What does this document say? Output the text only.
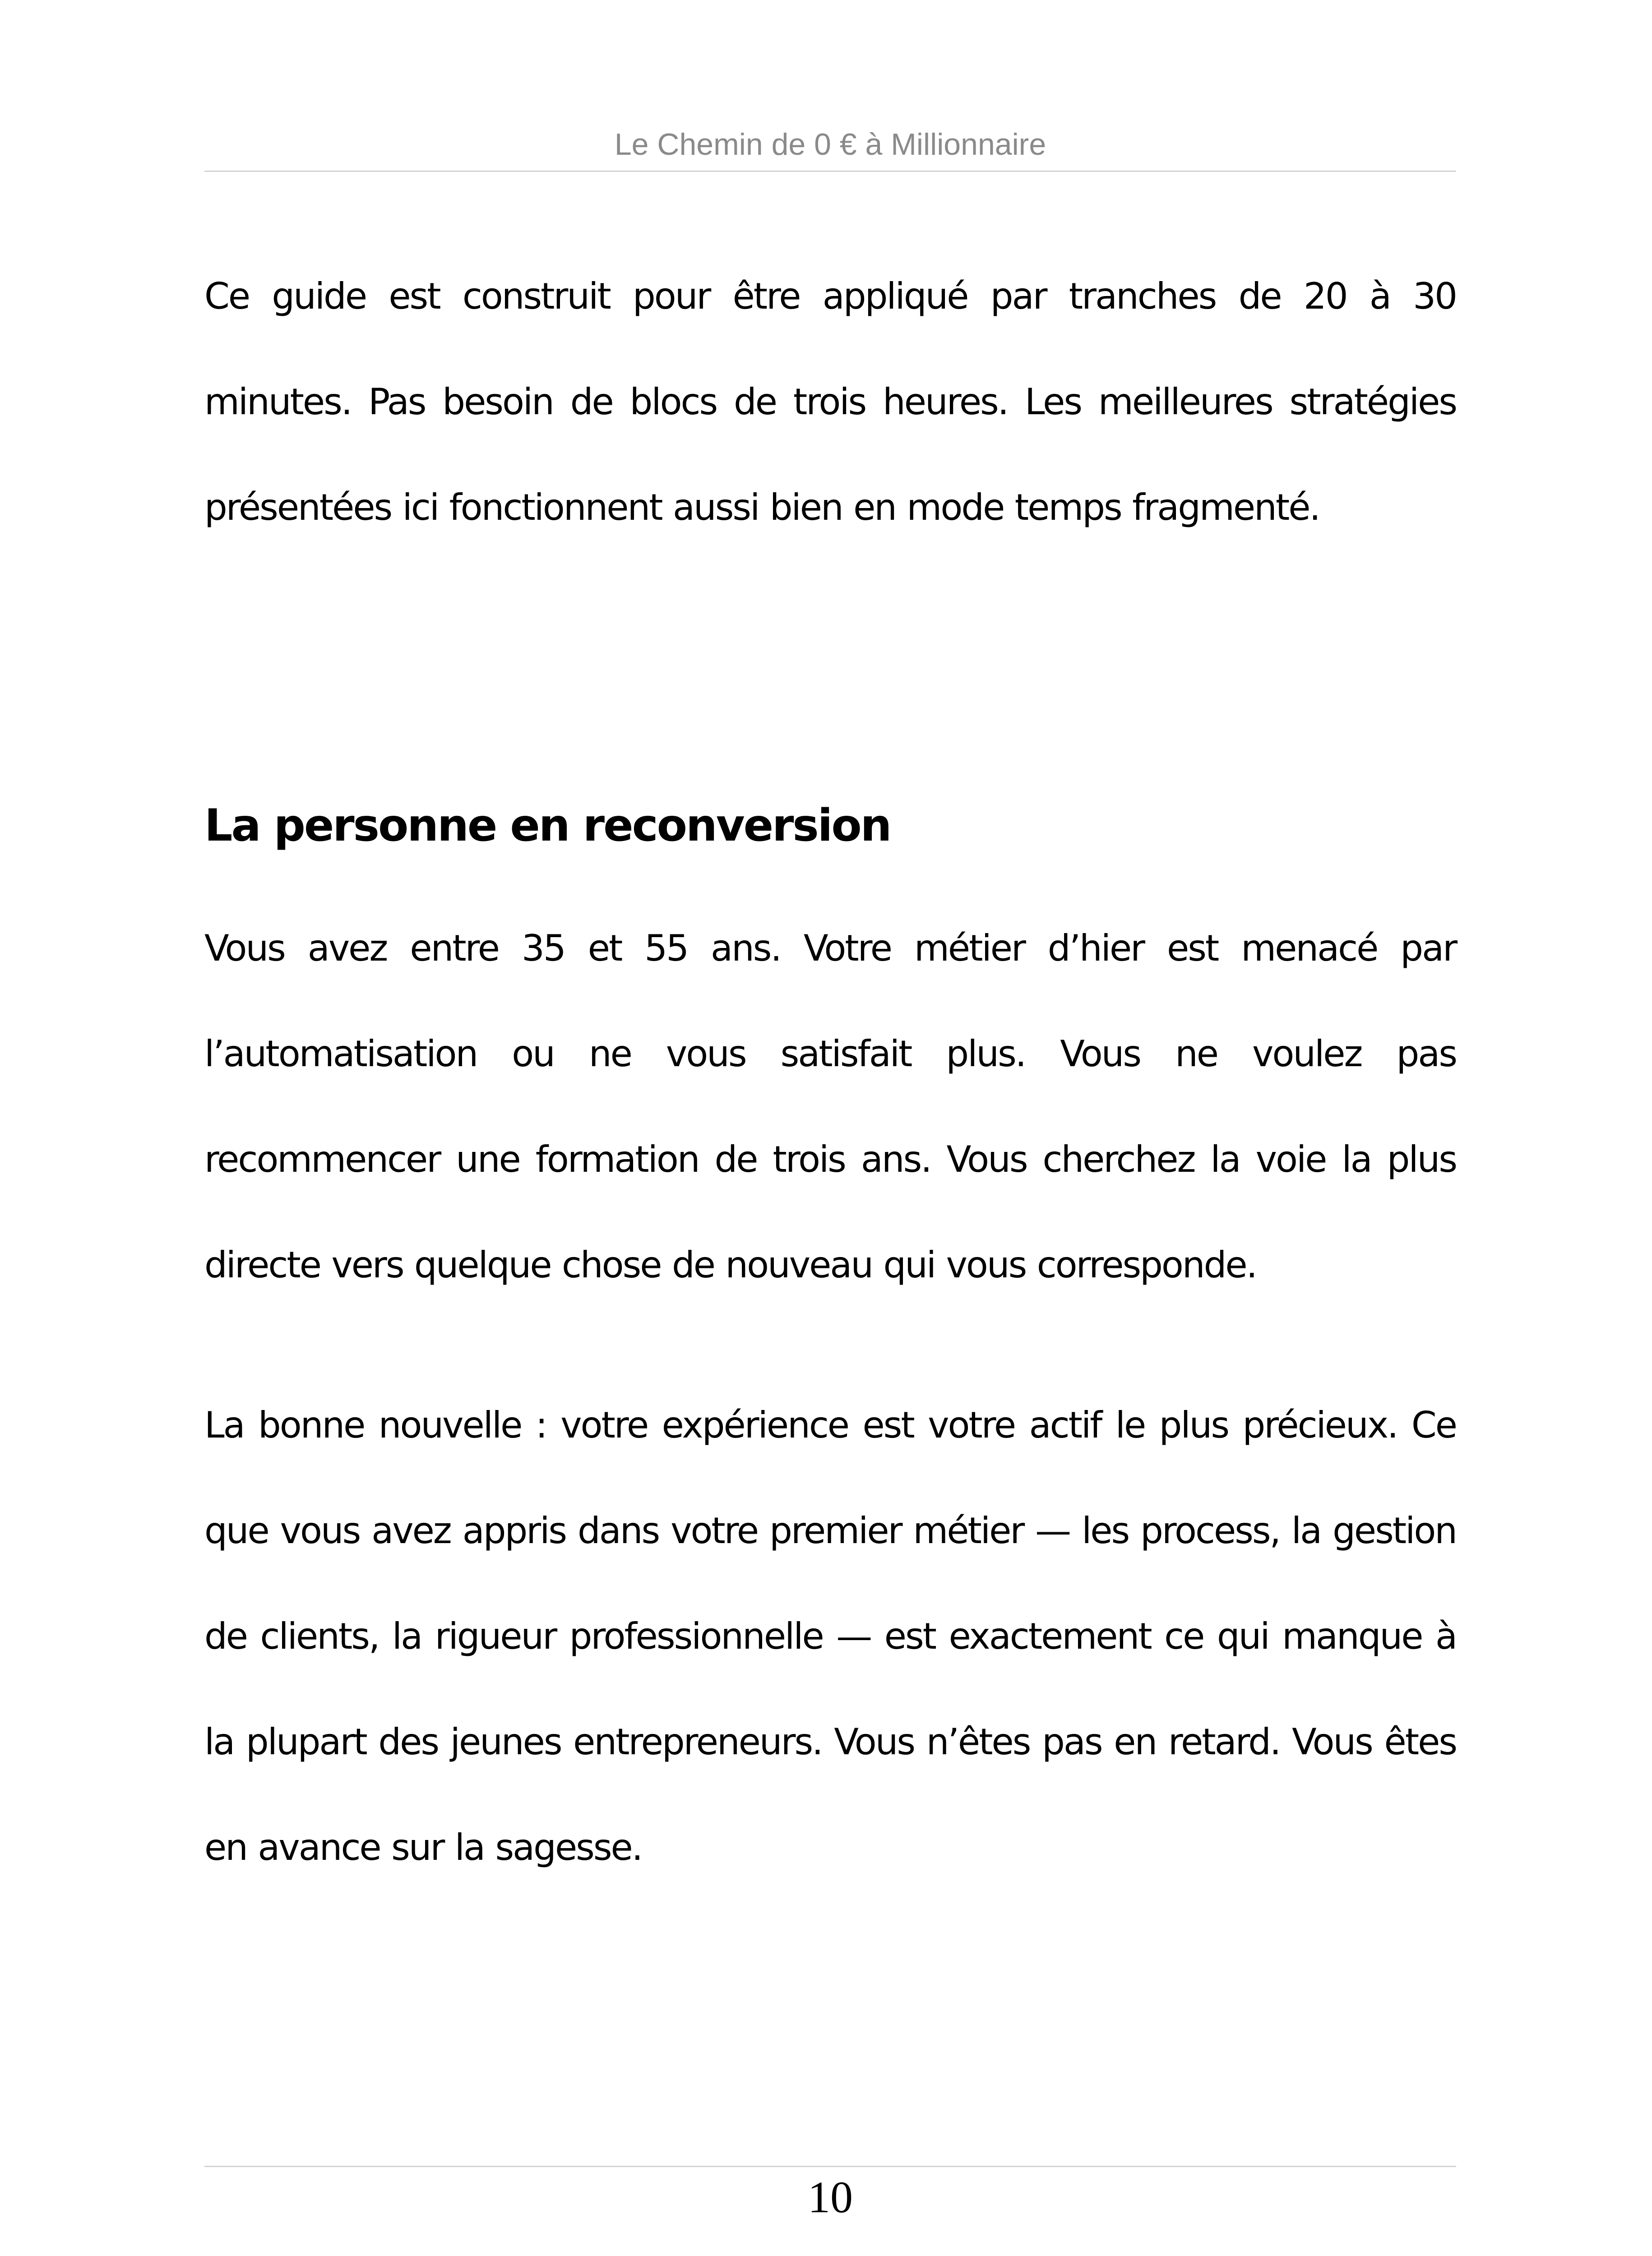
Le Chemin de 0 € à Millionnaire

Ce guide est construit pour être appliqué par tranches de 20 à 30 minutes. Pas besoin de blocs de trois heures. Les meilleures stratégies présentées ici fonctionnent aussi bien en mode temps fragmenté.

La personne en reconversion

Vous avez entre 35 et 55 ans. Votre métier d’hier est menacé par l’automatisation ou ne vous satisfait plus. Vous ne voulez pas recommencer une formation de trois ans. Vous cherchez la voie la plus directe vers quelque chose de nouveau qui vous corresponde.

La bonne nouvelle : votre expérience est votre actif le plus précieux. Ce que vous avez appris dans votre premier métier — les process, la gestion de clients, la rigueur professionnelle — est exactement ce qui manque à la plupart des jeunes entrepreneurs. Vous n’êtes pas en retard. Vous êtes en avance sur la sagesse.

10
